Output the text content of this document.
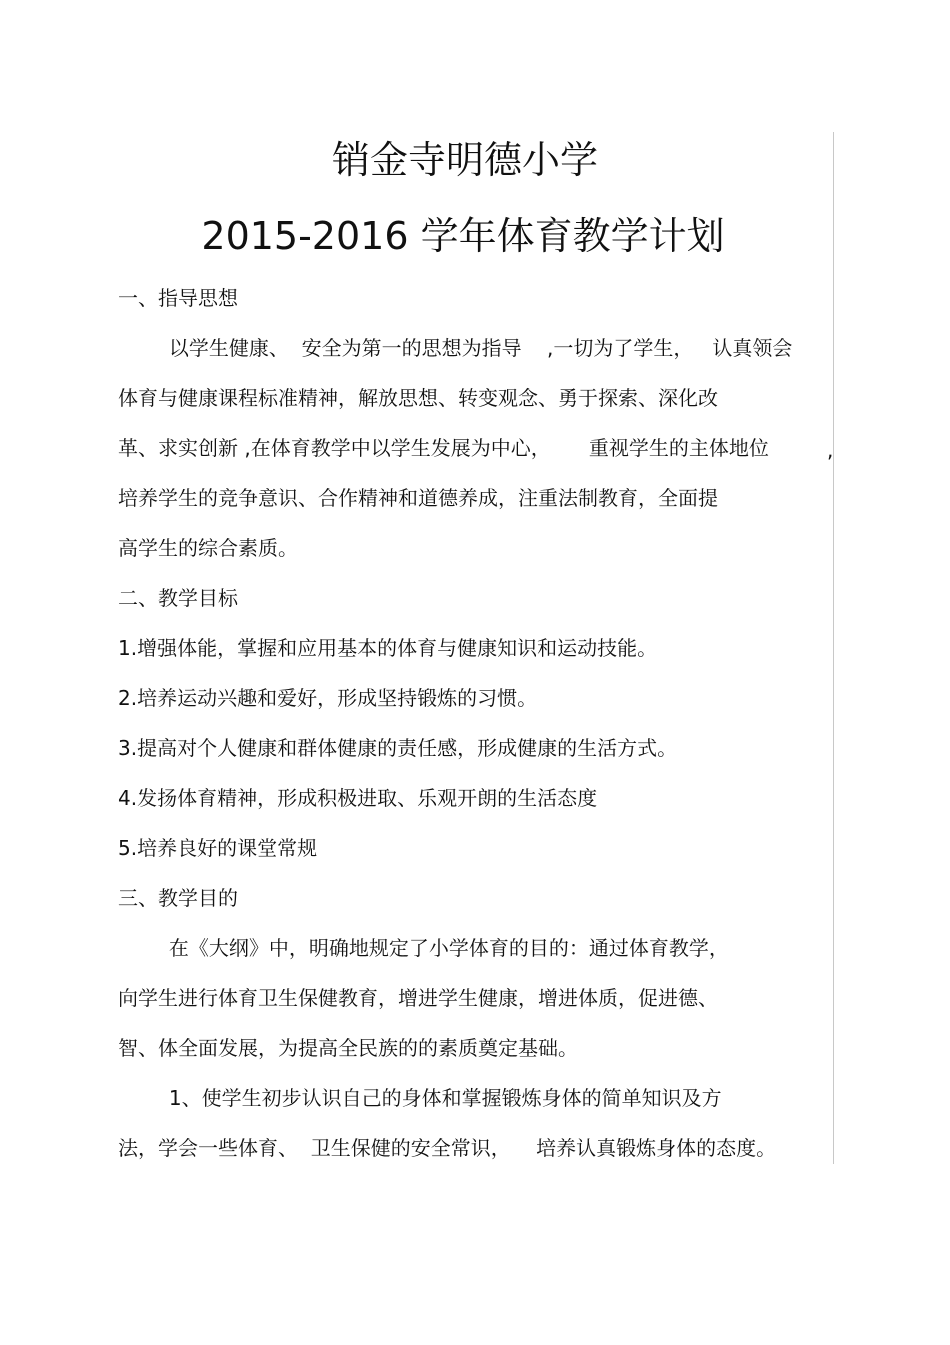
销金寺明德小学
2015-2016 学年体育教学计划
一、指导思想
以学生健康、  安全为第一的思想为指导    ,一切为了学生，   认真领会
体育与健康课程标准精神，解放思想、转变观念、勇于探索、深化改
革、求实创新 ,在体育教学中以学生发展为中心，      重视学生的主体地位	,
培养学生的竞争意识、合作精神和道德养成，注重法制教育，全面提
高学生的综合素质。
二、教学目标
1.增强体能，掌握和应用基本的体育与健康知识和运动技能。
2.培养运动兴趣和爱好，形成坚持锻炼的习惯。
3.提高对个人健康和群体健康的责任感，形成健康的生活方式。
4.发扬体育精神，形成积极进取、乐观开朗的生活态度
5.培养良好的课堂常规
三、教学目的
在《大纲》中，明确地规定了小学体育的目的：通过体育教学，
向学生进行体育卫生保健教育，增进学生健康，增进体质，促进德、
智、体全面发展，为提高全民族的的素质奠定基础。
1、使学生初步认识自己的身体和掌握锻炼身体的简单知识及方
法，学会一些体育、  卫生保健的安全常识，    培养认真锻炼身体的态度。
